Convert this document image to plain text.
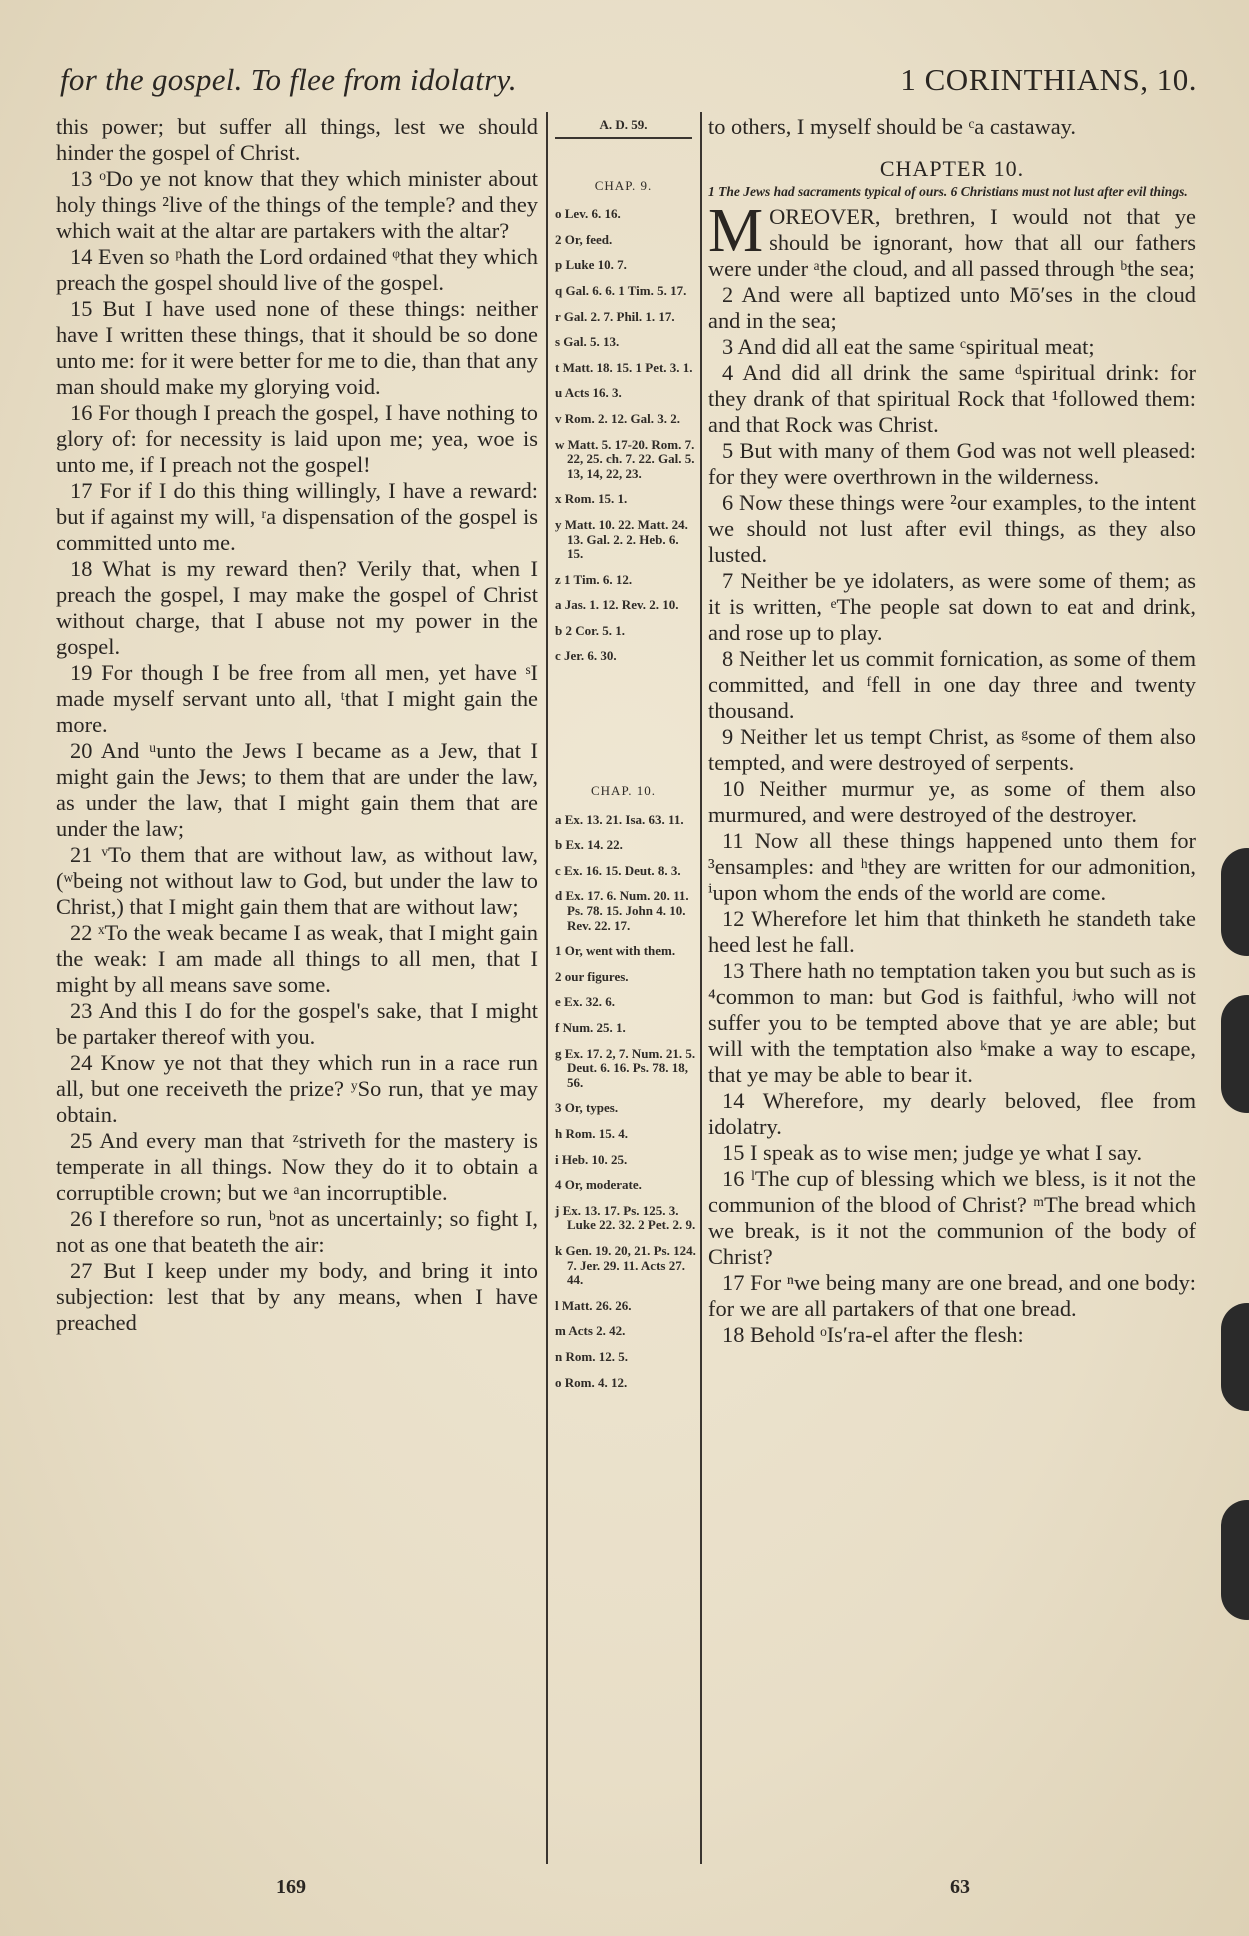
for the gospel. To flee from idolatry.	1 CORINTHIANS, 10.

this power; but suffer all things, lest we should hinder the gospel of Christ.

13 ᵒDo ye not know that they which minister about holy things ²live of the things of the temple? and they which wait at the altar are partakers with the altar?

14 Even so ᵖhath the Lord ordained ᵠthat they which preach the gospel should live of the gospel.

15 But I have used none of these things: neither have I written these things, that it should be so done unto me: for it were better for me to die, than that any man should make my glorying void.

16 For though I preach the gospel, I have nothing to glory of: for necessity is laid upon me; yea, woe is unto me, if I preach not the gospel!

17 For if I do this thing willingly, I have a reward: but if against my will, ʳa dispensation of the gospel is committed unto me.

18 What is my reward then? Verily that, when I preach the gospel, I may make the gospel of Christ without charge, that I abuse not my power in the gospel.

19 For though I be free from all men, yet have ˢI made myself servant unto all, ᵗthat I might gain the more.

20 And ᵘunto the Jews I became as a Jew, that I might gain the Jews; to them that are under the law, as under the law, that I might gain them that are under the law;

21 ᵛTo them that are without law, as without law, (ʷbeing not without law to God, but under the law to Christ,) that I might gain them that are without law;

22 ˣTo the weak became I as weak, that I might gain the weak: I am made all things to all men, that I might by all means save some.

23 And this I do for the gospel's sake, that I might be partaker thereof with you.

24 Know ye not that they which run in a race run all, but one receiveth the prize? ʸSo run, that ye may obtain.

25 And every man that ᶻstriveth for the mastery is temperate in all things. Now they do it to obtain a corruptible crown; but we ᵃan incorruptible.

26 I therefore so run, ᵇnot as uncertainly; so fight I, not as one that beateth the air:

27 But I keep under my body, and bring it into subjection: lest that by any means, when I have preached

A. D. 59.
CHAP. 9.

o Lev. 6. 16.

2 Or, feed.

p Luke 10. 7.

q Gal. 6. 6. 1 Tim. 5. 17.

r Gal. 2. 7. Phil. 1. 17.

s Gal. 5. 13.

t Matt. 18. 15. 1 Pet. 3. 1.

u Acts 16. 3.

v Rom. 2. 12. Gal. 3. 2.

w Matt. 5. 17-20. Rom. 7. 22, 25. ch. 7. 22. Gal. 5. 13, 14, 22, 23.

x Rom. 15. 1.

y Matt. 10. 22. Matt. 24. 13. Gal. 2. 2. Heb. 6. 15.

z 1 Tim. 6. 12.

a Jas. 1. 12. Rev. 2. 10.

b 2 Cor. 5. 1.

c Jer. 6. 30.

CHAP. 10.

a Ex. 13. 21. Isa. 63. 11.

b Ex. 14. 22.

c Ex. 16. 15. Deut. 8. 3.

d Ex. 17. 6. Num. 20. 11. Ps. 78. 15. John 4. 10. Rev. 22. 17.

1 Or, went with them.

2 our figures.

e Ex. 32. 6.

f Num. 25. 1.

g Ex. 17. 2, 7. Num. 21. 5. Deut. 6. 16. Ps. 78. 18, 56.

3 Or, types.

h Rom. 15. 4.

i Heb. 10. 25.

4 Or, moderate.

j Ex. 13. 17. Ps. 125. 3. Luke 22. 32. 2 Pet. 2. 9.

k Gen. 19. 20, 21. Ps. 124. 7. Jer. 29. 11. Acts 27. 44.

l Matt. 26. 26.

m Acts 2. 42.

n Rom. 12. 5.

o Rom. 4. 12.

to others, I myself should be ᶜa castaway.

CHAPTER 10.
1 The Jews had sacraments typical of ours. 6 Christians must not lust after evil things.

MOREOVER, brethren, I would not that ye should be ignorant, how that all our fathers were under ᵃthe cloud, and all passed through ᵇthe sea;

2 And were all baptized unto Mō′ses in the cloud and in the sea;

3 And did all eat the same ᶜspiritual meat;

4 And did all drink the same ᵈspiritual drink: for they drank of that spiritual Rock that ¹followed them: and that Rock was Christ.

5 But with many of them God was not well pleased: for they were overthrown in the wilderness.

6 Now these things were ²our examples, to the intent we should not lust after evil things, as they also lusted.

7 Neither be ye idolaters, as were some of them; as it is written, ᵉThe people sat down to eat and drink, and rose up to play.

8 Neither let us commit fornication, as some of them committed, and ᶠfell in one day three and twenty thousand.

9 Neither let us tempt Christ, as ᵍsome of them also tempted, and were destroyed of serpents.

10 Neither murmur ye, as some of them also murmured, and were destroyed of the destroyer.

11 Now all these things happened unto them for ³ensamples: and ʰthey are written for our admonition, ⁱupon whom the ends of the world are come.

12 Wherefore let him that thinketh he standeth take heed lest he fall.

13 There hath no temptation taken you but such as is ⁴common to man: but God is faithful, ʲwho will not suffer you to be tempted above that ye are able; but will with the temptation also ᵏmake a way to escape, that ye may be able to bear it.

14 Wherefore, my dearly beloved, flee from idolatry.

15 I speak as to wise men; judge ye what I say.

16 ˡThe cup of blessing which we bless, is it not the communion of the blood of Christ? ᵐThe bread which we break, is it not the communion of the body of Christ?

17 For ⁿwe being many are one bread, and one body: for we are all partakers of that one bread.

18 Behold ᵒIs′ra-el after the flesh:

169	63
